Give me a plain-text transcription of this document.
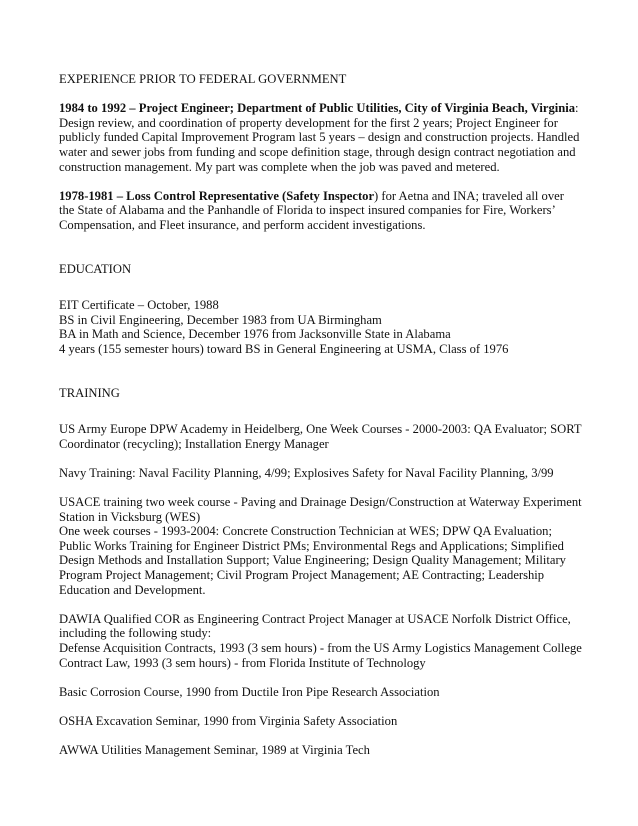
EXPERIENCE PRIOR TO FEDERAL GOVERNMENT
1984 to 1992 – Project Engineer; Department of Public Utilities, City of Virginia Beach, Virginia:
Design review, and coordination of property development for the first 2 years; Project Engineer for
publicly funded Capital Improvement Program last 5 years – design and construction projects. Handled
water and sewer jobs from funding and scope definition stage, through design contract negotiation and
construction management. My part was complete when the job was paved and metered.
1978-1981 – Loss Control Representative (Safety Inspector) for Aetna and INA; traveled all over
the State of Alabama and the Panhandle of Florida to inspect insured companies for Fire, Workers’
Compensation, and Fleet insurance, and perform accident investigations.
EDUCATION
EIT Certificate – October, 1988
BS in Civil Engineering, December 1983 from UA Birmingham
BA in Math and Science, December 1976 from Jacksonville State in Alabama
4 years (155 semester hours) toward BS in General Engineering at USMA, Class of 1976
TRAINING
US Army Europe DPW Academy in Heidelberg, One Week Courses - 2000-2003: QA Evaluator; SORT
Coordinator (recycling); Installation Energy Manager
Navy Training: Naval Facility Planning, 4/99; Explosives Safety for Naval Facility Planning, 3/99
USACE training two week course - Paving and Drainage Design/Construction at Waterway Experiment
Station in Vicksburg (WES)
One week courses - 1993-2004: Concrete Construction Technician at WES; DPW QA Evaluation;
Public Works Training for Engineer District PMs; Environmental Regs and Applications; Simplified
Design Methods and Installation Support; Value Engineering; Design Quality Management; Military
Program Project Management; Civil Program Project Management; AE Contracting; Leadership
Education and Development.
DAWIA Qualified COR as Engineering Contract Project Manager at USACE Norfolk District Office,
including the following study:
Defense Acquisition Contracts, 1993 (3 sem hours) - from the US Army Logistics Management College
Contract Law, 1993 (3 sem hours) - from Florida Institute of Technology
Basic Corrosion Course, 1990 from Ductile Iron Pipe Research Association
OSHA Excavation Seminar, 1990 from Virginia Safety Association
AWWA Utilities Management Seminar, 1989 at Virginia Tech
